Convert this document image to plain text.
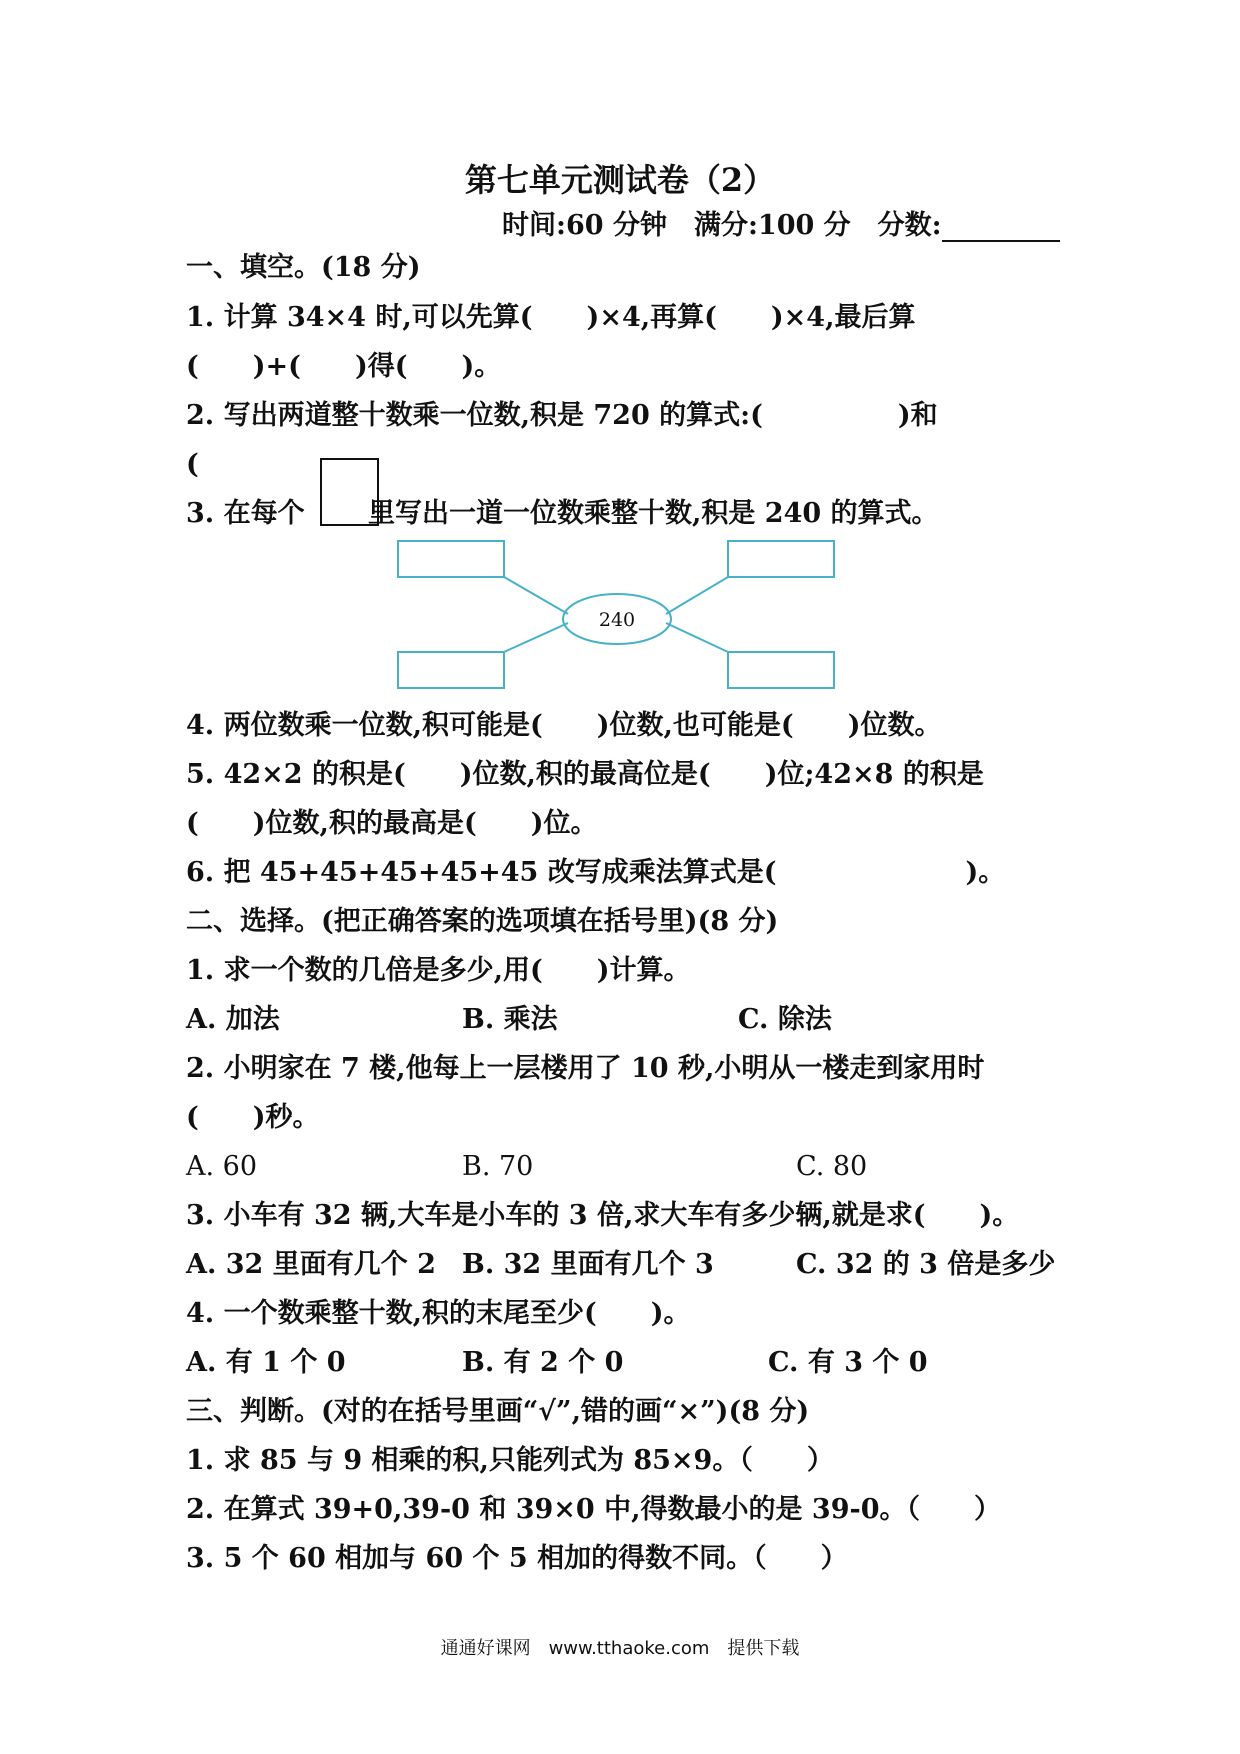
第七单元测试卷（2）
时间:60 分钟　满分:100 分　分数:
一、填空。(18 分)
1. 计算 34×4 时,可以先算(　　)×4,再算(　　)×4,最后算
(　　)+(　　)得(　　)。
2. 写出两道整十数乘一位数,积是 720 的算式:(　　　　　)和
(
3. 在每个　　 里写出一道一位数乘整十数,积是 240 的算式。
240
4. 两位数乘一位数,积可能是(　　)位数,也可能是(　　)位数。
5. 42×2 的积是(　　)位数,积的最高位是(　　)位;42×8 的积是
(　　)位数,积的最高是(　　)位。
6. 把 45+45+45+45+45 改写成乘法算式是(　　　　　　　)。
二、选择。(把正确答案的选项填在括号里)(8 分)
1. 求一个数的几倍是多少,用(　　)计算。
A. 加法	B. 乘法	C. 除法
2. 小明家在 7 楼,他每上一层楼用了 10 秒,小明从一楼走到家用时
(　　)秒。
A. 60	B. 70	C. 80
3. 小车有 32 辆,大车是小车的 3 倍,求大车有多少辆,就是求(　　)。
A. 32 里面有几个 2 B. 32 里面有几个 3	C. 32 的 3 倍是多少
4. 一个数乘整十数,积的末尾至少(　　)。
A. 有 1 个 0	B. 有 2 个 0	C. 有 3 个 0
三、判断。(对的在括号里画“√”,错的画“×”)(8 分)
1. 求 85 与 9 相乘的积,只能列式为 85×9。（　　）
2. 在算式 39+0,39-0 和 39×0 中,得数最小的是 39-0。（　　）
3. 5 个 60 相加与 60 个 5 相加的得数不同。（　　）
通通好课网　www.tthaoke.com　提供下载
